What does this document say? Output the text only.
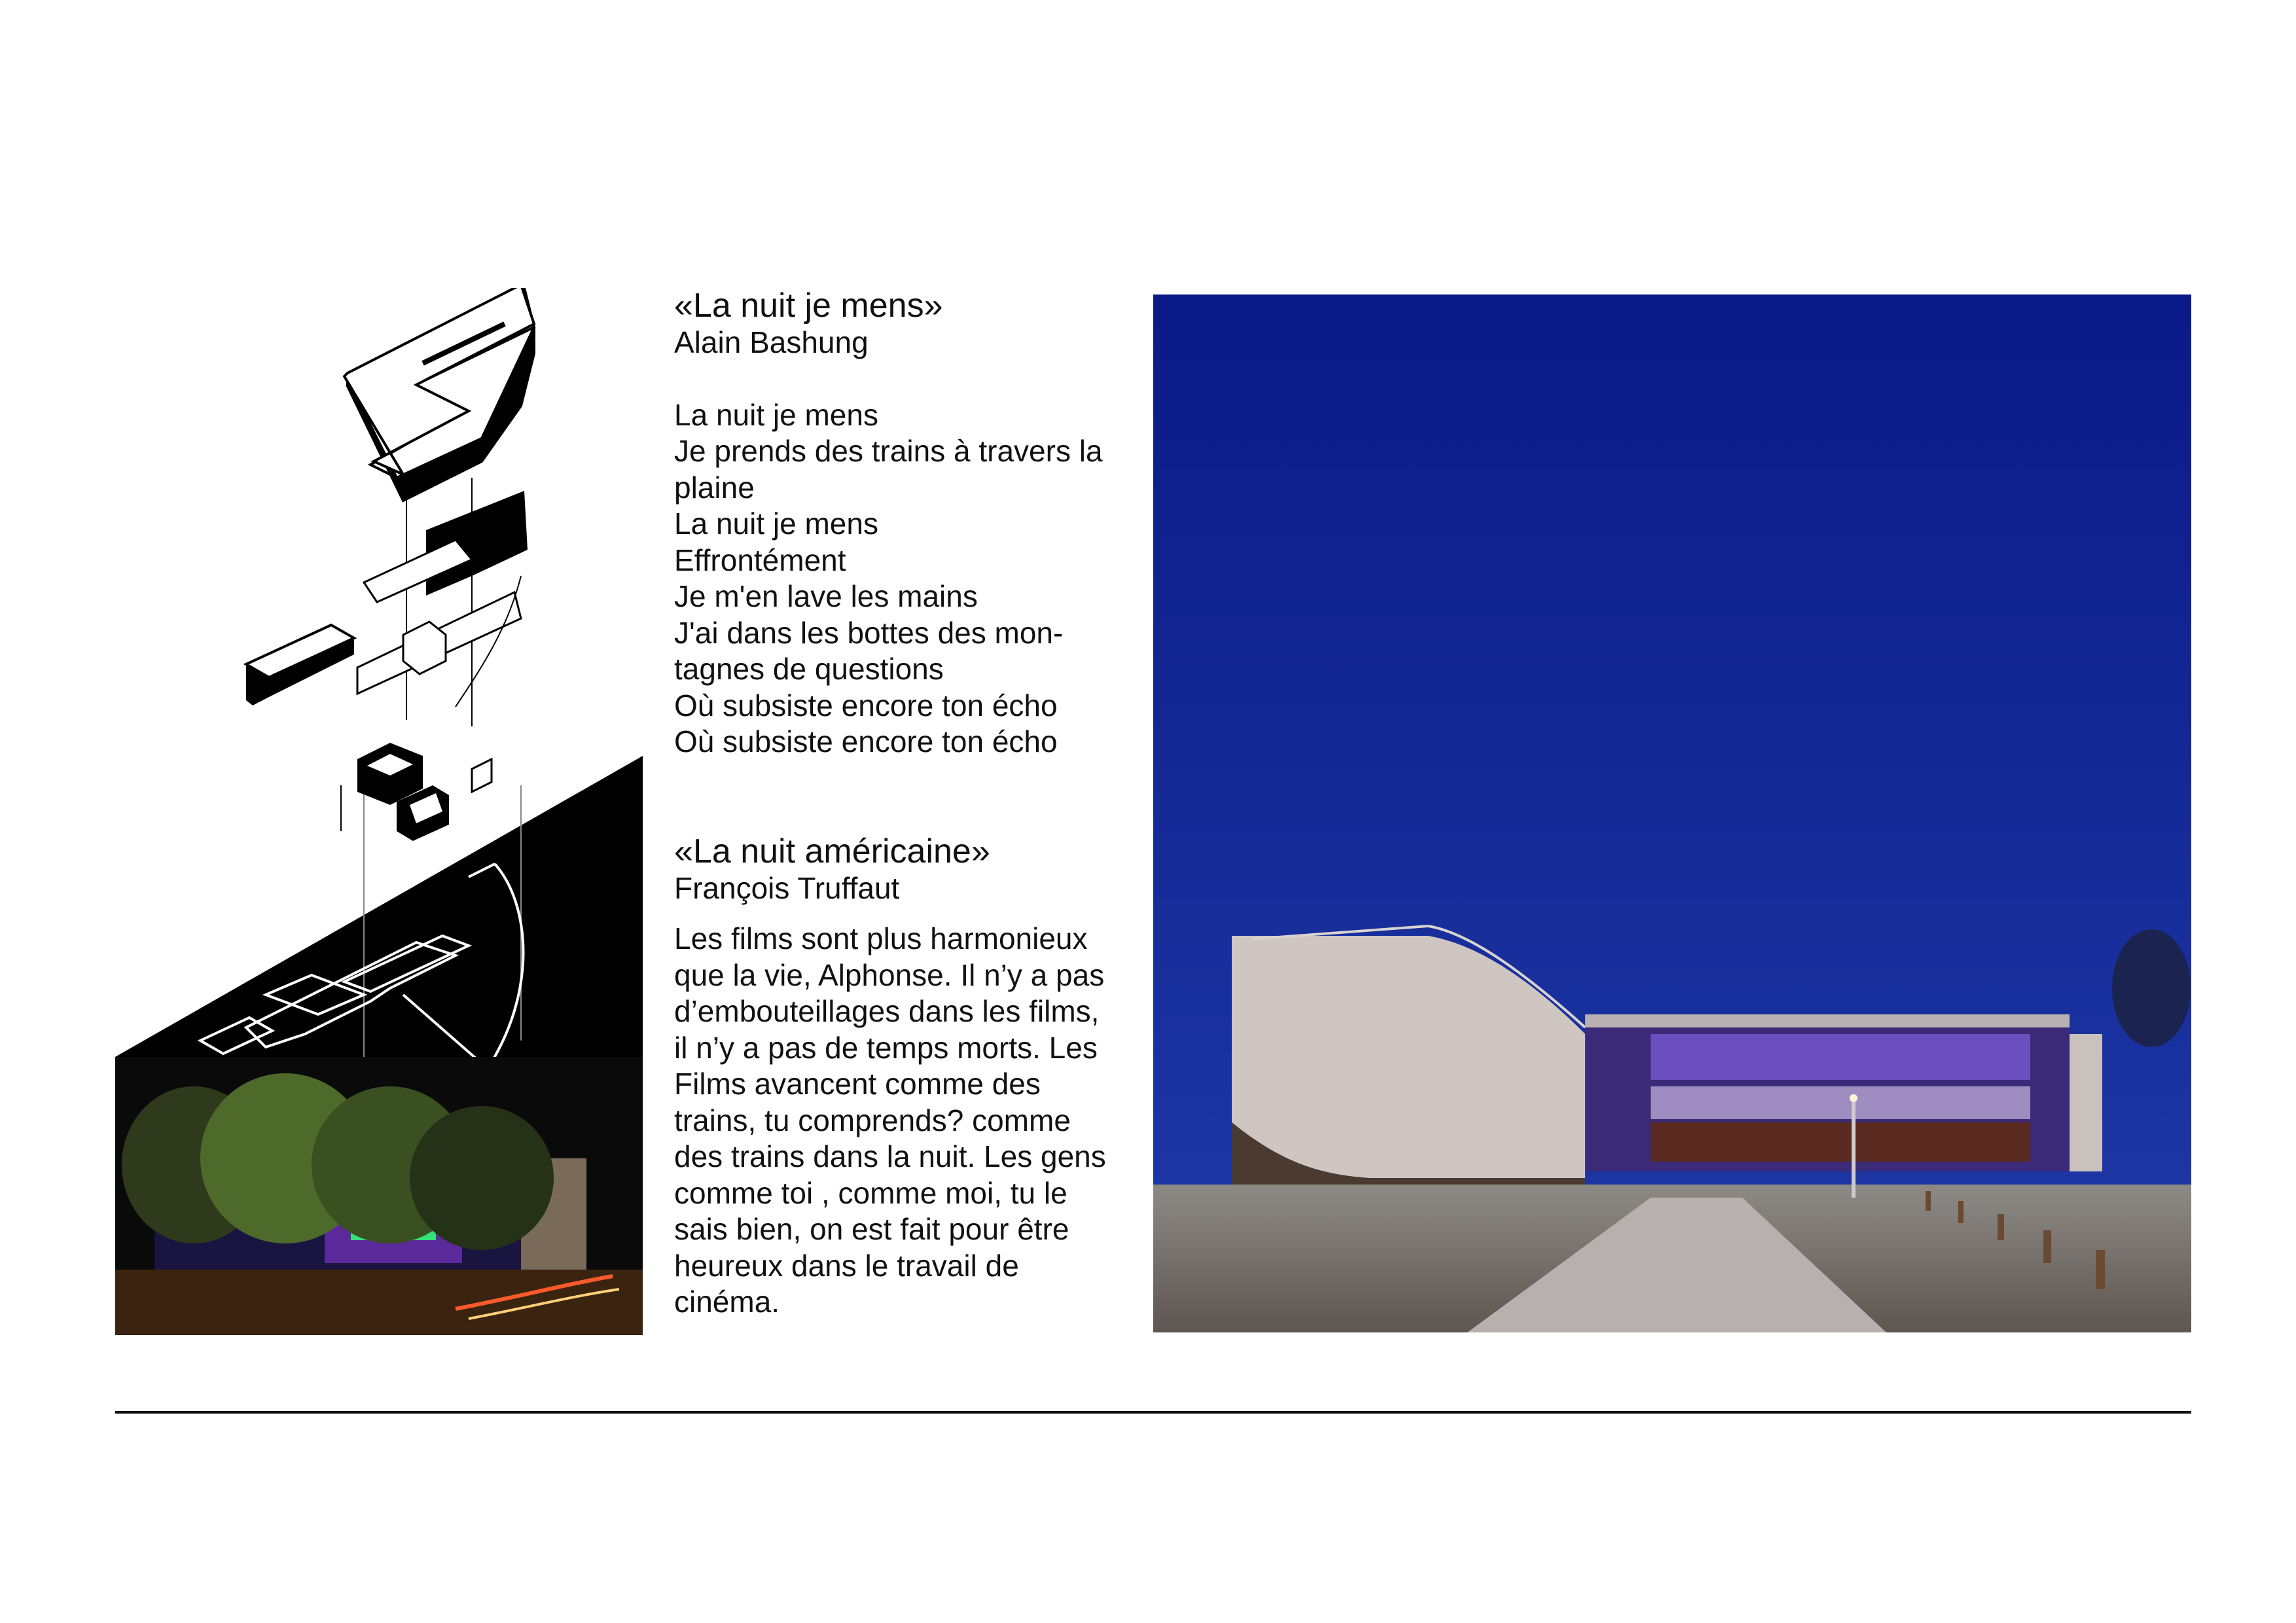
«La nuit je mens»
Alain Bashung
La nuit je mens
Je prends des trains à travers la
plaine
La nuit je mens
Effrontément
Je m'en lave les mains
J'ai dans les bottes des mon-
tagnes de questions
Où subsiste encore ton écho
Où subsiste encore ton écho
«La nuit américaine»
François Truffaut
Les films sont plus harmonieux
que la vie, Alphonse. Il n’y a pas
d’embouteillages dans les films,
il n’y a pas de temps morts. Les
Films avancent comme des
trains, tu comprends? comme
des trains dans la nuit. Les gens
comme toi , comme moi, tu le
sais bien, on est fait pour être
heureux dans le travail de
cinéma.
